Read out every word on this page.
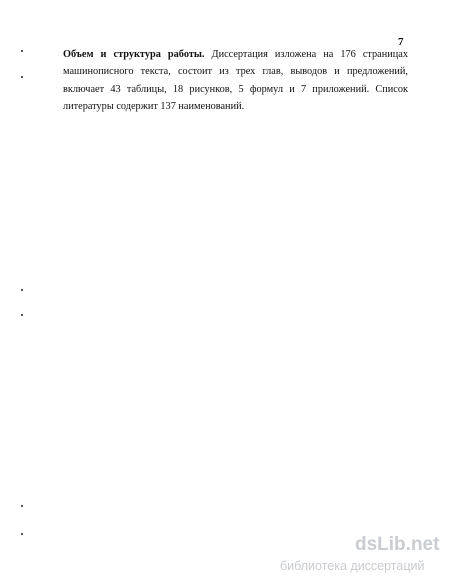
7
Объем и структура работы. Диссертация изложена на 176 страницах машинописного текста, состоит из трех глав, выводов и предложений, включает 43 таблицы, 18 рисунков, 5 формул и 7 приложений. Список литературы содержит 137 наименований.
dsLib.net
библиотека диссертаций
